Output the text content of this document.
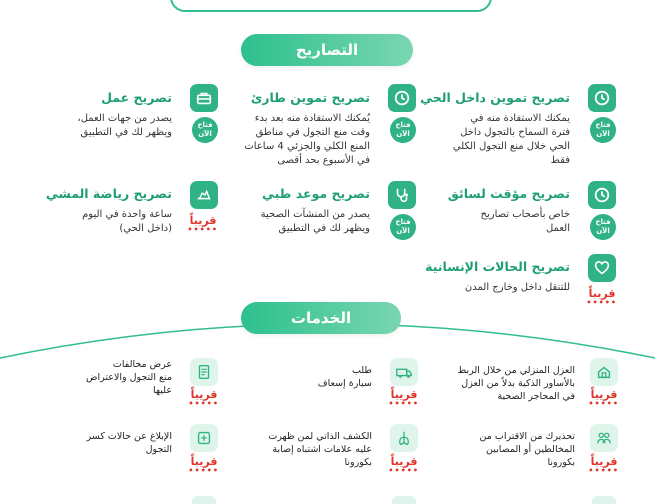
التصاريح
فتاح
الآن
تصريح تموين داخل الحي
يمكنك الاستفادة منه في
فترة السماح بالتجول داخل
الحي خلال منع التجول الكلي
فقط
فتاح
الآن
تصريح تموين طارئ
يُمكنك الاستفادة منه بعد بدء
وقت منع التجول في مناطق
المنع الكلي والجزئي 4 ساعات
في الأسبوع بحد أقصى
فتاح
الآن
تصريح عمل
يصدر من جهات العمل،
ويظهر لك في التطبيق
فتاح
الآن
تصريح مؤقت لسائق
خاص بأصحاب تصاريح
العمل
فتاح
الآن
تصريح موعد طبي
يصدر من المنشآت الصحية
ويظهر لك في التطبيق
قريباً
•••••
تصريح رياضة المشي
ساعة واحدة في اليوم
(داخل الحي)
قريباً
•••••
تصريح الحالات الإنسانية
للتنقل داخل وخارج المدن
الخدمات
قريباً
•••••
العزل المنزلي من خلال الربط
بالأساور الذكية بدلاً من العزل
في المحاجر الصحية
قريباً
•••••
طلب
سيارة إسعاف
قريباً
•••••
عرض مخالفات
منع التجول والاعتراض
عليها
قريباً
•••••
تحذيرك من الاقتراب من
المخالطين أو المصابين
بكورونا
قريباً
•••••
الكشف الذاتي لمن ظهرت
عليه علامات اشتباه إصابة
بكورونا
قريباً
•••••
الإبلاغ عن حالات كسر
التجول
